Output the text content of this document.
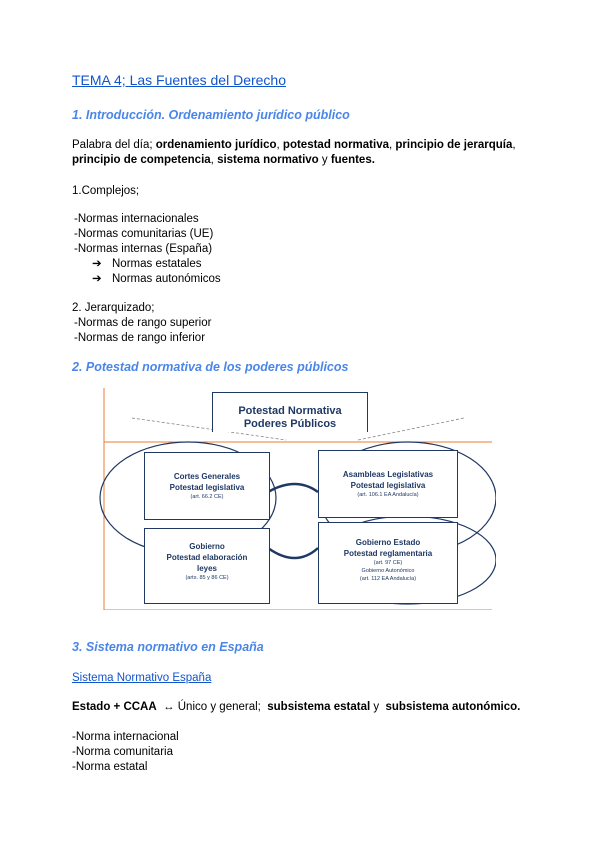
TEMA 4; Las Fuentes del Derecho
1. Introducción. Ordenamiento jurídico público
Palabra del día; ordenamiento jurídico, potestad normativa, principio de jerarquía,
principio de competencia, sistema normativo y fuentes.
1.Complejos;
-Normas internacionales
-Normas comunitarias (UE)
-Normas internas (España)
➔ Normas estatales
➔ Normas autonómicos
2. Jerarquizado;
-Normas de rango superior
-Normas de rango inferior
2. Potestad normativa de los poderes públicos
Potestad Normativa
Poderes Públicos
Cortes Generales
Potestad legislativa
(art. 66.2 CE)
Asambleas Legislativas
Potestad legislativa
(art. 106.1 EA Andalucía)
Gobierno
Potestad elaboración
leyes
(arts. 85 y 86 CE)
Gobierno Estado
Potestad reglamentaria
(art. 97 CE)
Gobierno Autonómico
(art. 112 EA Andalucía)
3. Sistema normativo en España
Sistema Normativo España
Estado + CCAA  ↔ Único y general;  subsistema estatal y  subsistema autonómico.
-Norma internacional
-Norma comunitaria
-Norma estatal
